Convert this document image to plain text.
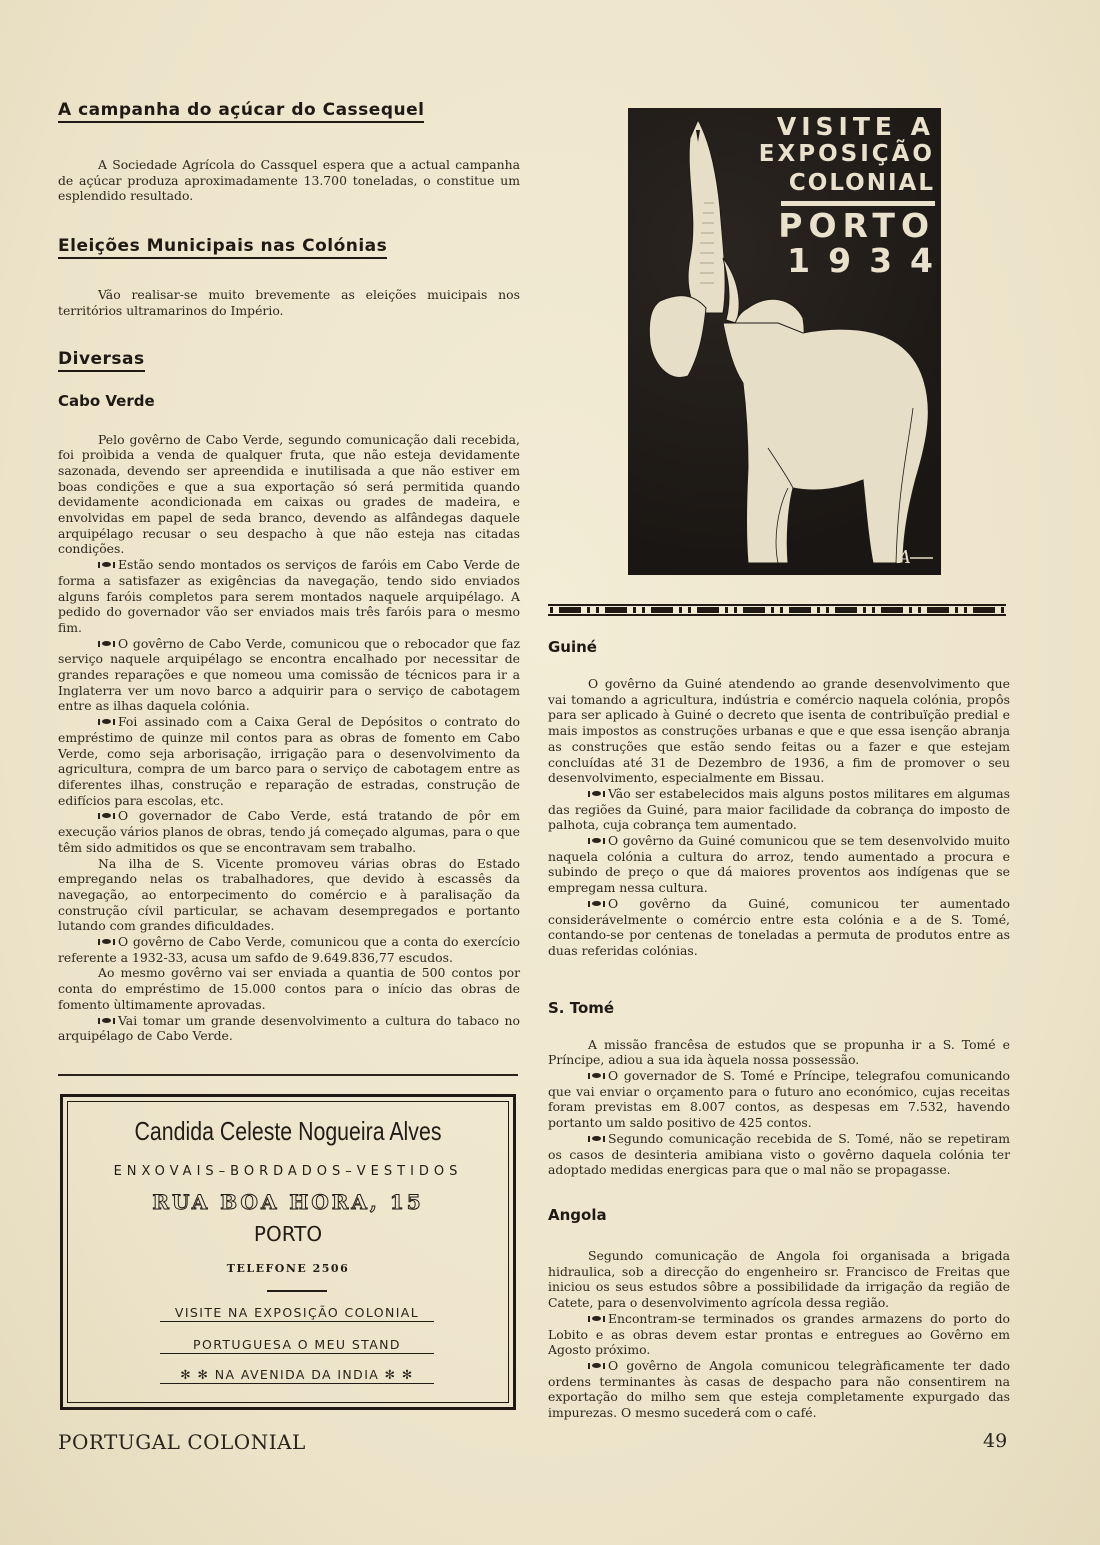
A campanha do açúcar do Cassequel

A Sociedade Agrícola do Cassquel espera que a actual campanha de açúcar produza aproximadamente 13.700 toneladas, o constitue um esplendido resultado.

Eleições Municipais nas Colónias

Vão realisar-se muito brevemente as eleições muicipais nos territórios ultramarinos do Império.

Diversas
Cabo Verde

Pelo govêrno de Cabo Verde, segundo comunicação dali recebida, foi proìbida a venda de qualquer fruta, que não esteja devidamente sazonada, devendo ser apreendida e inutilisada a que não estiver em boas condições e que a sua exportação só será permitida quando devidamente acondicionada em caixas ou grades de madeira, e envolvidas em papel de seda branco, devendo as alfândegas daquele arquipélago recusar o seu despacho à que não esteja nas citadas condições.

Estão sendo montados os serviços de faróis em Cabo Verde de forma a satisfazer as exigências da navegação, tendo sido enviados alguns faróis completos para serem montados naquele arquipélago. A pedido do governador vão ser enviados mais três faróis para o mesmo fim.

O govêrno de Cabo Verde, comunicou que o rebocador que faz serviço naquele arquipélago se encontra encalhado por necessitar de grandes reparações e que nomeou uma comissão de técnicos para ir a Inglaterra ver um novo barco a adquirir para o serviço de cabotagem entre as ilhas daquela colónia.

Foi assinado com a Caixa Geral de Depósitos o contrato do empréstimo de quinze mil contos para as obras de fomento em Cabo Verde, como seja arborisação, irrigação para o desenvolvimento da agricultura, compra de um barco para o serviço de cabotagem entre as diferentes ilhas, construção e reparação de estradas, construção de edifícios para escolas, etc.

O governador de Cabo Verde, está tratando de pôr em execução vários planos de obras, tendo já começado algumas, para o que têm sido admitidos os que se encontravam sem trabalho.

Na ilha de S. Vicente promoveu várias obras do Estado empregando nelas os trabalhadores, que devido à escassês da navegação, ao entorpecimento do comércio e à paralisação da construção cívil particular, se achavam desempregados e portanto lutando com grandes dificuldades.

O govêrno de Cabo Verde, comunicou que a conta do exercício referente a 1932-33, acusa um safdo de 9.649.836,77 escudos.

Ao mesmo govêrno vai ser enviada a quantia de 500 contos por conta do empréstimo de 15.000 contos para o início das obras de fomento ùltimamente aprovadas.

Vai tomar um grande desenvolvimento a cultura do tabaco no arquipélago de Cabo Verde.

A
VISITE A
EXPOSIÇÃO
COLONIAL
PORTO
1934
Guiné

O govêrno da Guiné atendendo ao grande desenvolvimento que vai tomando a agricultura, indústria e comércio naquela colónia, propôs para ser aplicado à Guiné o decreto que isenta de contribuïção predial e mais impostos as construções urbanas e que e que essa isenção abranja as construções que estão sendo feitas ou a fazer e que estejam concluídas até 31 de Dezembro de 1936, a fim de promover o seu desenvolvimento, especialmente em Bissau.

Vão ser estabelecidos mais alguns postos militares em algumas das regiões da Guiné, para maior facilidade da cobrança do imposto de palhota, cuja cobrança tem aumentado.

O govêrno da Guiné comunicou que se tem desenvolvido muito naquela colónia a cultura do arroz, tendo aumentado a procura e subindo de preço o que dá maiores proventos aos indígenas que se empregam nessa cultura.

O govêrno da Guiné, comunicou ter aumentado considerávelmente o comércio entre esta colónia e a de S. Tomé, contando-se por centenas de toneladas a permuta de produtos entre as duas referidas colónias.

S. Tomé

A missão francêsa de estudos que se propunha ir a S. Tomé e Príncipe, adiou a sua ida àquela nossa possessão.

O governador de S. Tomé e Príncipe, telegrafou comunicando que vai enviar o orçamento para o futuro ano económico, cujas receitas foram previstas em 8.007 contos, as despesas em 7.532, havendo portanto um saldo positivo de 425 contos.

Segundo comunicação recebida de S. Tomé, não se repetiram os casos de desinteria amibiana visto o govêrno daquela colónia ter adoptado medidas energicas para que o mal não se propagasse.

Angola

Segundo comunicação de Angola foi organisada a brigada hidraulica, sob a direcção do engenheiro sr. Francisco de Freitas que iniciou os seus estudos sôbre a possibilidade da irrigação da região de Catete, para o desenvolvimento agrícola dessa região.

Encontram-se terminados os grandes armazens do porto do Lobito e as obras devem estar prontas e entregues ao Govêrno em Agosto próximo.

O govêrno de Angola comunicou telegràficamente ter dado ordens terminantes às casas de despacho para não consentirem na exportação do milho sem que esteja completamente expurgado das impurezas. O mesmo sucederá com o café.

Candida Celeste Nogueira Alves
ENXOVAIS–BORDADOS–VESTIDOS
RUA BOA HORA, 15
PORTO
TELEFONE 2506
VISITE NA EXPOSIÇÃO COLONIAL
PORTUGUESA O MEU STAND
✻ ✻ NA AVENIDA DA INDIA ✻ ✻
PORTUGAL COLONIAL	49
